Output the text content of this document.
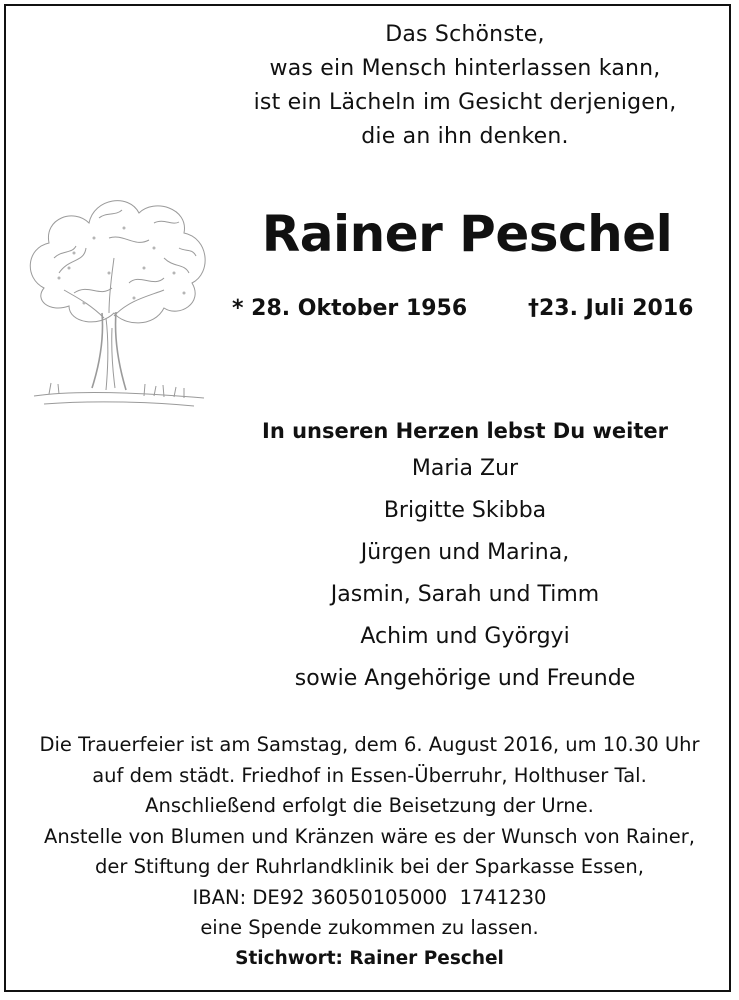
Das Schönste,
was ein Mensch hinterlassen kann,
ist ein Lächeln im Gesicht derjenigen,
die an ihn denken.
Rainer Peschel
* 28. Oktober 1956	†23. Juli 2016
In unseren Herzen lebst Du weiter
Maria Zur
Brigitte Skibba
Jürgen und Marina,
Jasmin, Sarah und Timm
Achim und Györgyi
sowie Angehörige und Freunde
Die Trauerfeier ist am Samstag, dem 6. August 2016, um 10.30 Uhr
auf dem städt. Friedhof in Essen-Überruhr, Holthuser Tal.
Anschließend erfolgt die Beisetzung der Urne.
Anstelle von Blumen und Kränzen wäre es der Wunsch von Rainer,
der Stiftung der Ruhrlandklinik bei der Sparkasse Essen,
IBAN: DE92 36050105000  1741230
eine Spende zukommen zu lassen.
Stichwort: Rainer Peschel
